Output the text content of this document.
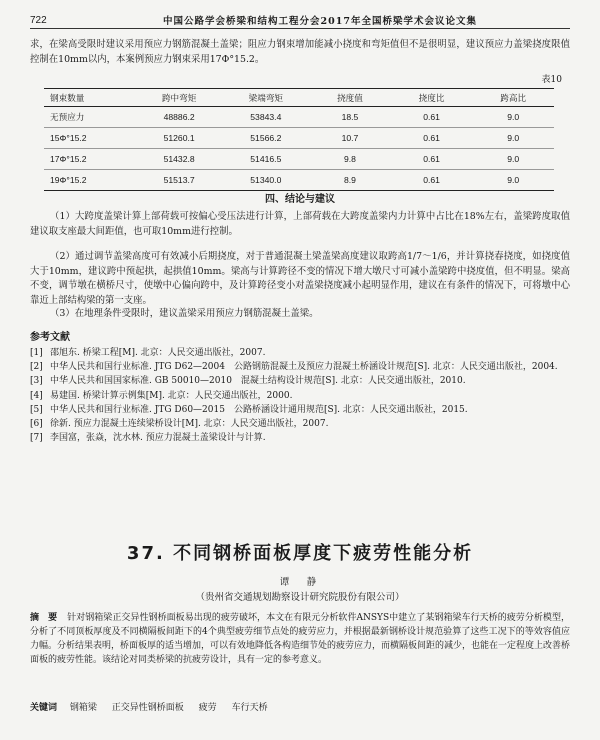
722	中国公路学会桥梁和结构工程分会2017年全国桥梁学术会议论文集
求，在梁高受限时建议采用预应力钢筋混凝土盖梁；阻应力钢束增加能减小挠度和弯矩值但不是很明显，建议预应力盖梁挠度限值控制在10mm以内，本案例预应力钢束采用17Φ°15.2。
表10
钢束数量	跨中弯矩	梁端弯矩	挠度值	挠度比	跨高比
无预应力	48886.2	53843.4	18.5	0.61	9.0
15Φ°15.2	51260.1	51566.2	10.7	0.61	9.0
17Φ°15.2	51432.8	51416.5	9.8	0.61	9.0
19Φ°15.2	51513.7	51340.0	8.9	0.61	9.0
四、结论与建议
（1）大跨度盖梁计算上部荷载可按偏心受压法进行计算，上部荷载在大跨度盖梁内力计算中占比在18%左右，盖梁跨度取值建议取支座最大间距值，也可取10mm进行控制。
（2）通过调节盖梁高度可有效减小后期挠度，对于普通混凝土梁盖梁高度建议取跨高1/7～1/6，并计算挠春挠度，如挠度值大于10mm，建议跨中预起拱，起拱值10mm。梁高与计算跨径不变的情况下增大墩尺寸可减小盖梁跨中挠度值，但不明显。梁高不变，调节墩在横桥尺寸，使墩中心偏向跨中，及计算跨径变小对盖梁挠度减小起明显作用，建议在有条件的情况下，可将墩中心靠近上部结构梁的第一支座。
（3）在地理条件受限时，建议盖梁采用预应力钢筋混凝土盖梁。
参考文献
[1] 邵旭东. 桥梁工程[M]. 北京：人民交通出版社，2007.
[2] 中华人民共和国行业标准. JTG D62—2004　公路钢筋混凝土及预应力混凝土桥涵设计规范[S]. 北京：人民交通出版社，2004.
[3] 中华人民共和国国家标准. GB 50010—2010　混凝土结构设计规范[S]. 北京：人民交通出版社，2010.
[4] 易建国. 桥梁计算示例集[M]. 北京：人民交通出版社，2000.
[5] 中华人民共和国行业标准. JTG D60—2015　公路桥涵设计通用规范[S]. 北京：人民交通出版社，2015.
[6] 徐新. 预应力混凝土连续梁桥设计[M]. 北京：人民交通出版社，2007.
[7] 李国富，张焱，沈水林. 预应力混凝土盖梁设计与计算.
37. 不同钢桥面板厚度下疲劳性能分析
谭　静
（贵州省交通规划勘察设计研究院股份有限公司）
摘　要 针对钢箱梁正交异性钢桥面板易出现的疲劳破坏，本文在有限元分析软件ANSYS中建立了某钢箱梁车行天桥的疲劳分析模型，分析了不同顶板厚度及不同横隔板间距下的4个典型疲劳细节点处的疲劳应力，并根据最新钢桥设计规范验算了这些工况下的等效容值应力幅。分析结果表明，桥面板厚的适当增加，可以有效地降低各构造细节处的疲劳应力，而横隔板间距的减少，也能在一定程度上改善桥面板的疲劳性能。该结论对同类桥梁的抗疲劳设计，具有一定的参考意义。
关键词 钢箱梁 正交异性钢桥面板 疲劳 车行天桥
